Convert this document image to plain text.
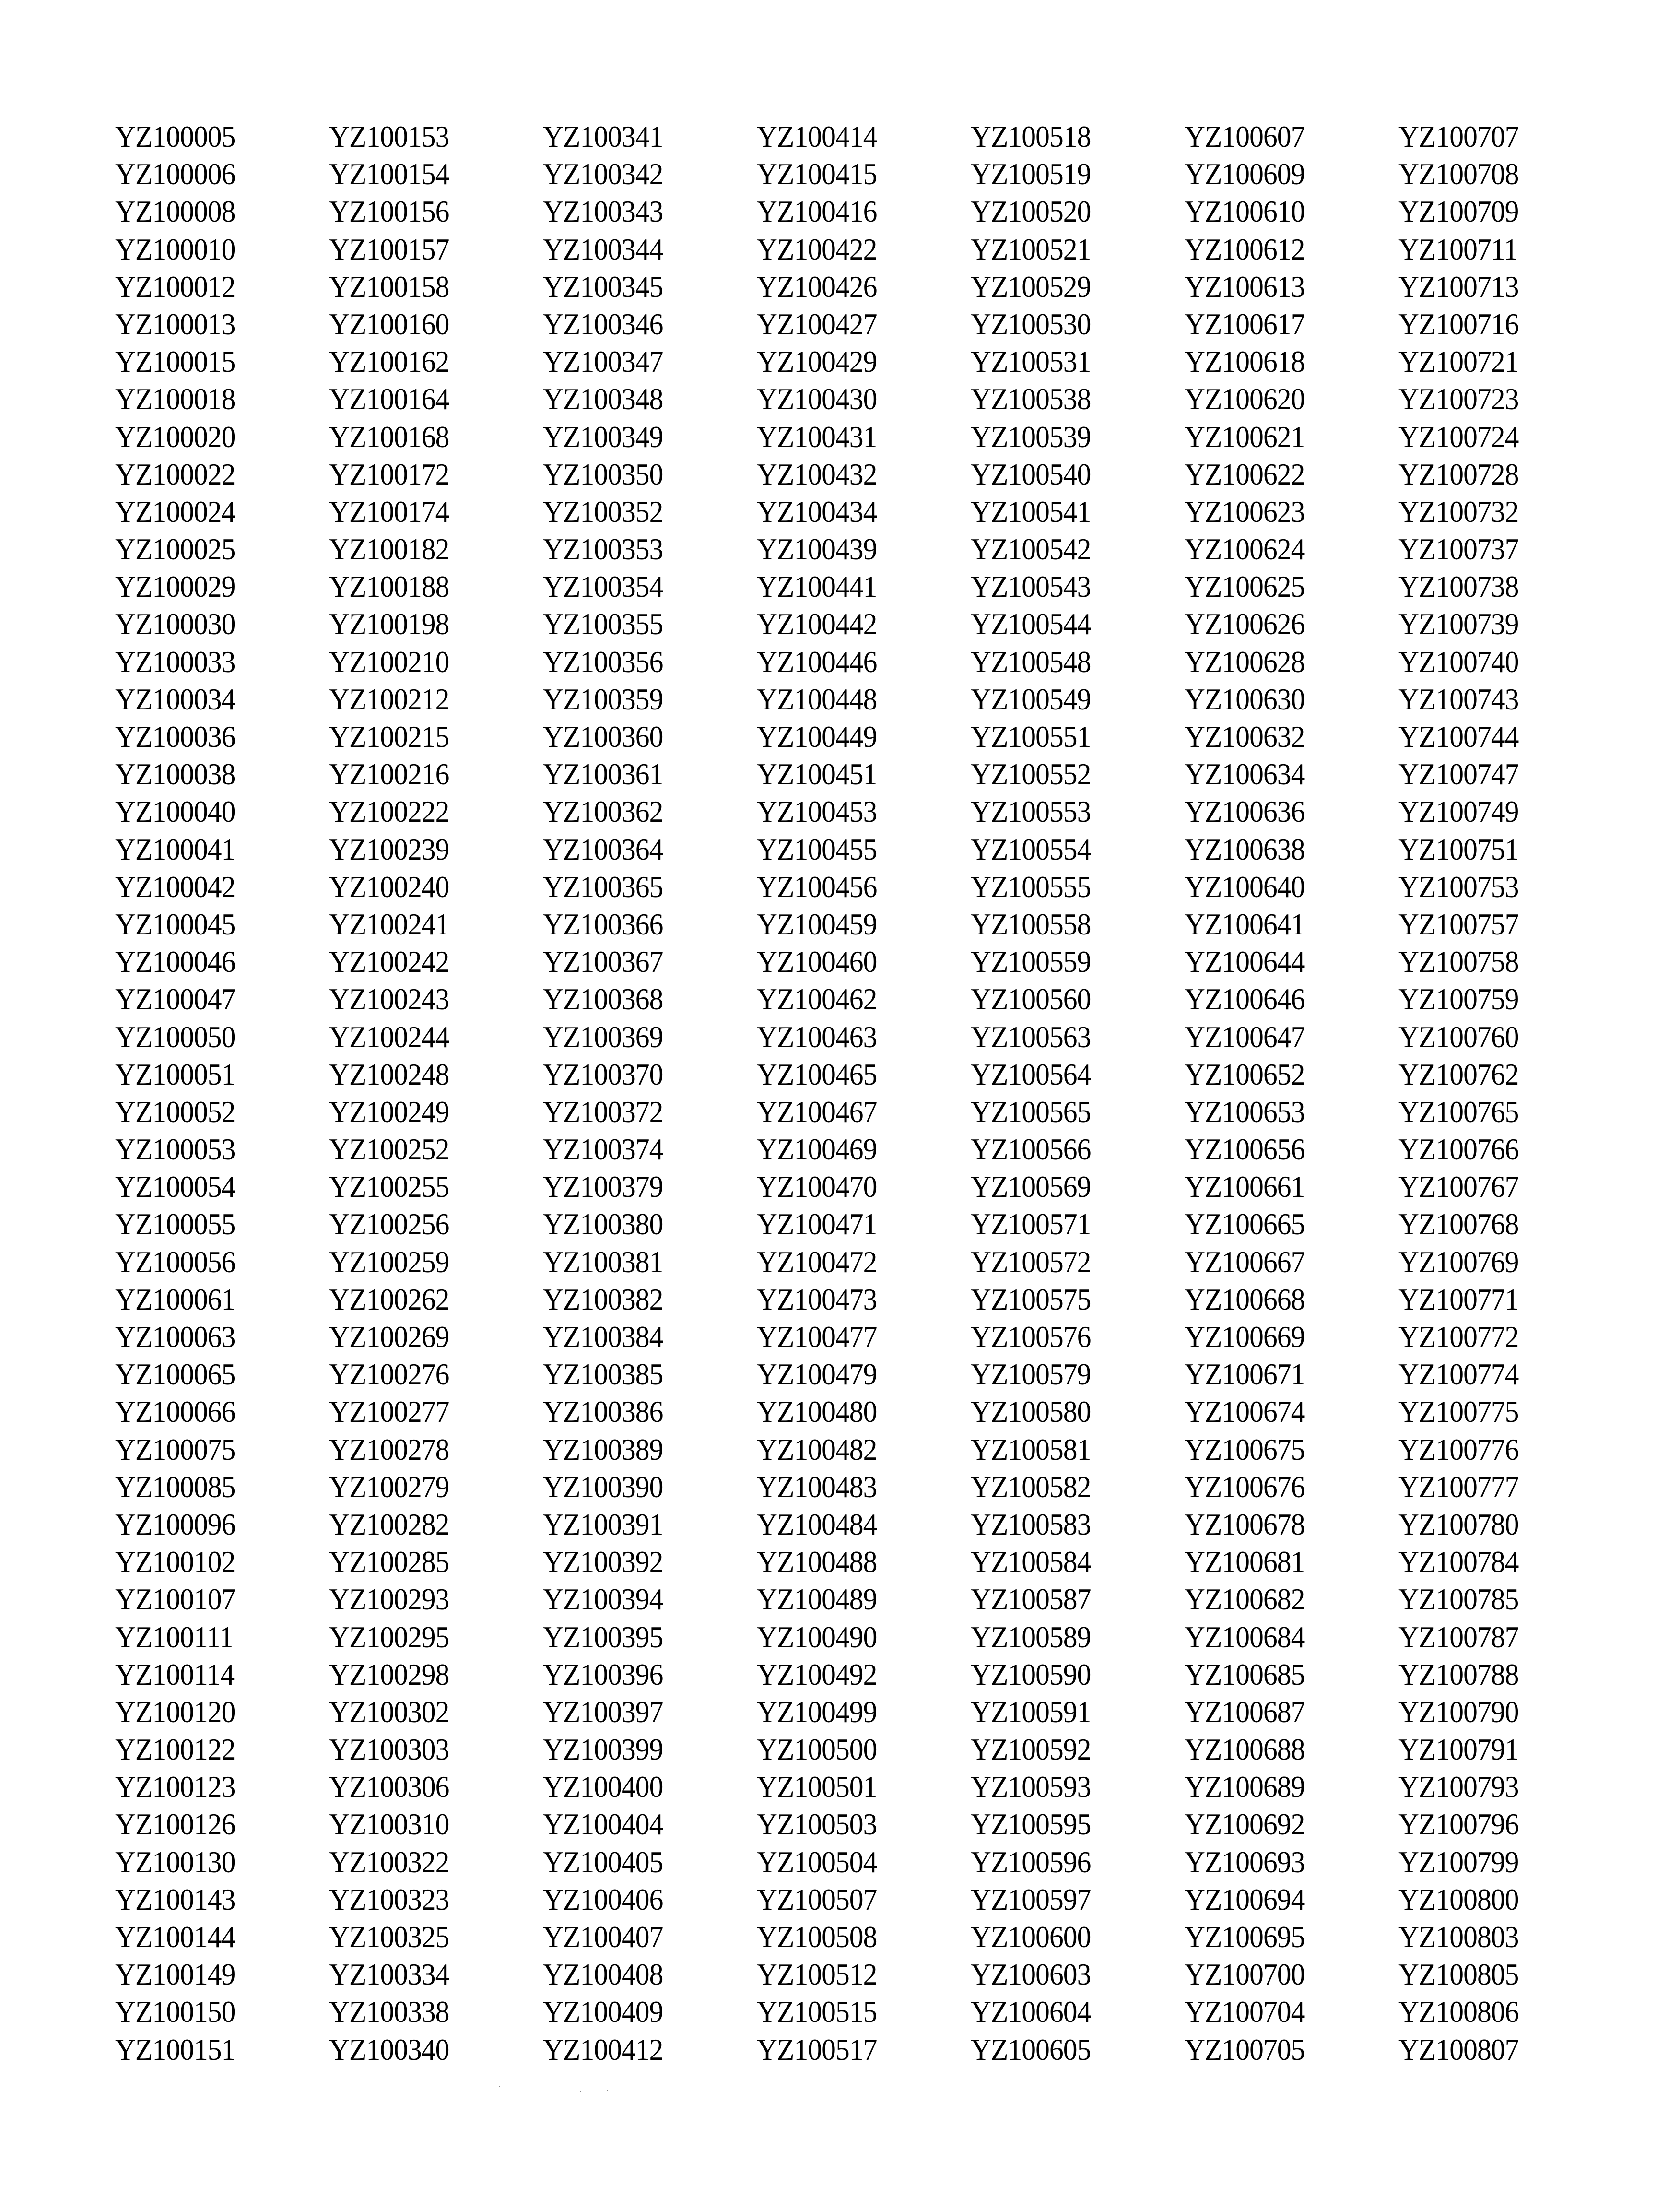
YZ100005
YZ100006
YZ100008
YZ100010
YZ100012
YZ100013
YZ100015
YZ100018
YZ100020
YZ100022
YZ100024
YZ100025
YZ100029
YZ100030
YZ100033
YZ100034
YZ100036
YZ100038
YZ100040
YZ100041
YZ100042
YZ100045
YZ100046
YZ100047
YZ100050
YZ100051
YZ100052
YZ100053
YZ100054
YZ100055
YZ100056
YZ100061
YZ100063
YZ100065
YZ100066
YZ100075
YZ100085
YZ100096
YZ100102
YZ100107
YZ100111
YZ100114
YZ100120
YZ100122
YZ100123
YZ100126
YZ100130
YZ100143
YZ100144
YZ100149
YZ100150
YZ100151
YZ100153
YZ100154
YZ100156
YZ100157
YZ100158
YZ100160
YZ100162
YZ100164
YZ100168
YZ100172
YZ100174
YZ100182
YZ100188
YZ100198
YZ100210
YZ100212
YZ100215
YZ100216
YZ100222
YZ100239
YZ100240
YZ100241
YZ100242
YZ100243
YZ100244
YZ100248
YZ100249
YZ100252
YZ100255
YZ100256
YZ100259
YZ100262
YZ100269
YZ100276
YZ100277
YZ100278
YZ100279
YZ100282
YZ100285
YZ100293
YZ100295
YZ100298
YZ100302
YZ100303
YZ100306
YZ100310
YZ100322
YZ100323
YZ100325
YZ100334
YZ100338
YZ100340
YZ100341
YZ100342
YZ100343
YZ100344
YZ100345
YZ100346
YZ100347
YZ100348
YZ100349
YZ100350
YZ100352
YZ100353
YZ100354
YZ100355
YZ100356
YZ100359
YZ100360
YZ100361
YZ100362
YZ100364
YZ100365
YZ100366
YZ100367
YZ100368
YZ100369
YZ100370
YZ100372
YZ100374
YZ100379
YZ100380
YZ100381
YZ100382
YZ100384
YZ100385
YZ100386
YZ100389
YZ100390
YZ100391
YZ100392
YZ100394
YZ100395
YZ100396
YZ100397
YZ100399
YZ100400
YZ100404
YZ100405
YZ100406
YZ100407
YZ100408
YZ100409
YZ100412
YZ100414
YZ100415
YZ100416
YZ100422
YZ100426
YZ100427
YZ100429
YZ100430
YZ100431
YZ100432
YZ100434
YZ100439
YZ100441
YZ100442
YZ100446
YZ100448
YZ100449
YZ100451
YZ100453
YZ100455
YZ100456
YZ100459
YZ100460
YZ100462
YZ100463
YZ100465
YZ100467
YZ100469
YZ100470
YZ100471
YZ100472
YZ100473
YZ100477
YZ100479
YZ100480
YZ100482
YZ100483
YZ100484
YZ100488
YZ100489
YZ100490
YZ100492
YZ100499
YZ100500
YZ100501
YZ100503
YZ100504
YZ100507
YZ100508
YZ100512
YZ100515
YZ100517
YZ100518
YZ100519
YZ100520
YZ100521
YZ100529
YZ100530
YZ100531
YZ100538
YZ100539
YZ100540
YZ100541
YZ100542
YZ100543
YZ100544
YZ100548
YZ100549
YZ100551
YZ100552
YZ100553
YZ100554
YZ100555
YZ100558
YZ100559
YZ100560
YZ100563
YZ100564
YZ100565
YZ100566
YZ100569
YZ100571
YZ100572
YZ100575
YZ100576
YZ100579
YZ100580
YZ100581
YZ100582
YZ100583
YZ100584
YZ100587
YZ100589
YZ100590
YZ100591
YZ100592
YZ100593
YZ100595
YZ100596
YZ100597
YZ100600
YZ100603
YZ100604
YZ100605
YZ100607
YZ100609
YZ100610
YZ100612
YZ100613
YZ100617
YZ100618
YZ100620
YZ100621
YZ100622
YZ100623
YZ100624
YZ100625
YZ100626
YZ100628
YZ100630
YZ100632
YZ100634
YZ100636
YZ100638
YZ100640
YZ100641
YZ100644
YZ100646
YZ100647
YZ100652
YZ100653
YZ100656
YZ100661
YZ100665
YZ100667
YZ100668
YZ100669
YZ100671
YZ100674
YZ100675
YZ100676
YZ100678
YZ100681
YZ100682
YZ100684
YZ100685
YZ100687
YZ100688
YZ100689
YZ100692
YZ100693
YZ100694
YZ100695
YZ100700
YZ100704
YZ100705
YZ100707
YZ100708
YZ100709
YZ100711
YZ100713
YZ100716
YZ100721
YZ100723
YZ100724
YZ100728
YZ100732
YZ100737
YZ100738
YZ100739
YZ100740
YZ100743
YZ100744
YZ100747
YZ100749
YZ100751
YZ100753
YZ100757
YZ100758
YZ100759
YZ100760
YZ100762
YZ100765
YZ100766
YZ100767
YZ100768
YZ100769
YZ100771
YZ100772
YZ100774
YZ100775
YZ100776
YZ100777
YZ100780
YZ100784
YZ100785
YZ100787
YZ100788
YZ100790
YZ100791
YZ100793
YZ100796
YZ100799
YZ100800
YZ100803
YZ100805
YZ100806
YZ100807
